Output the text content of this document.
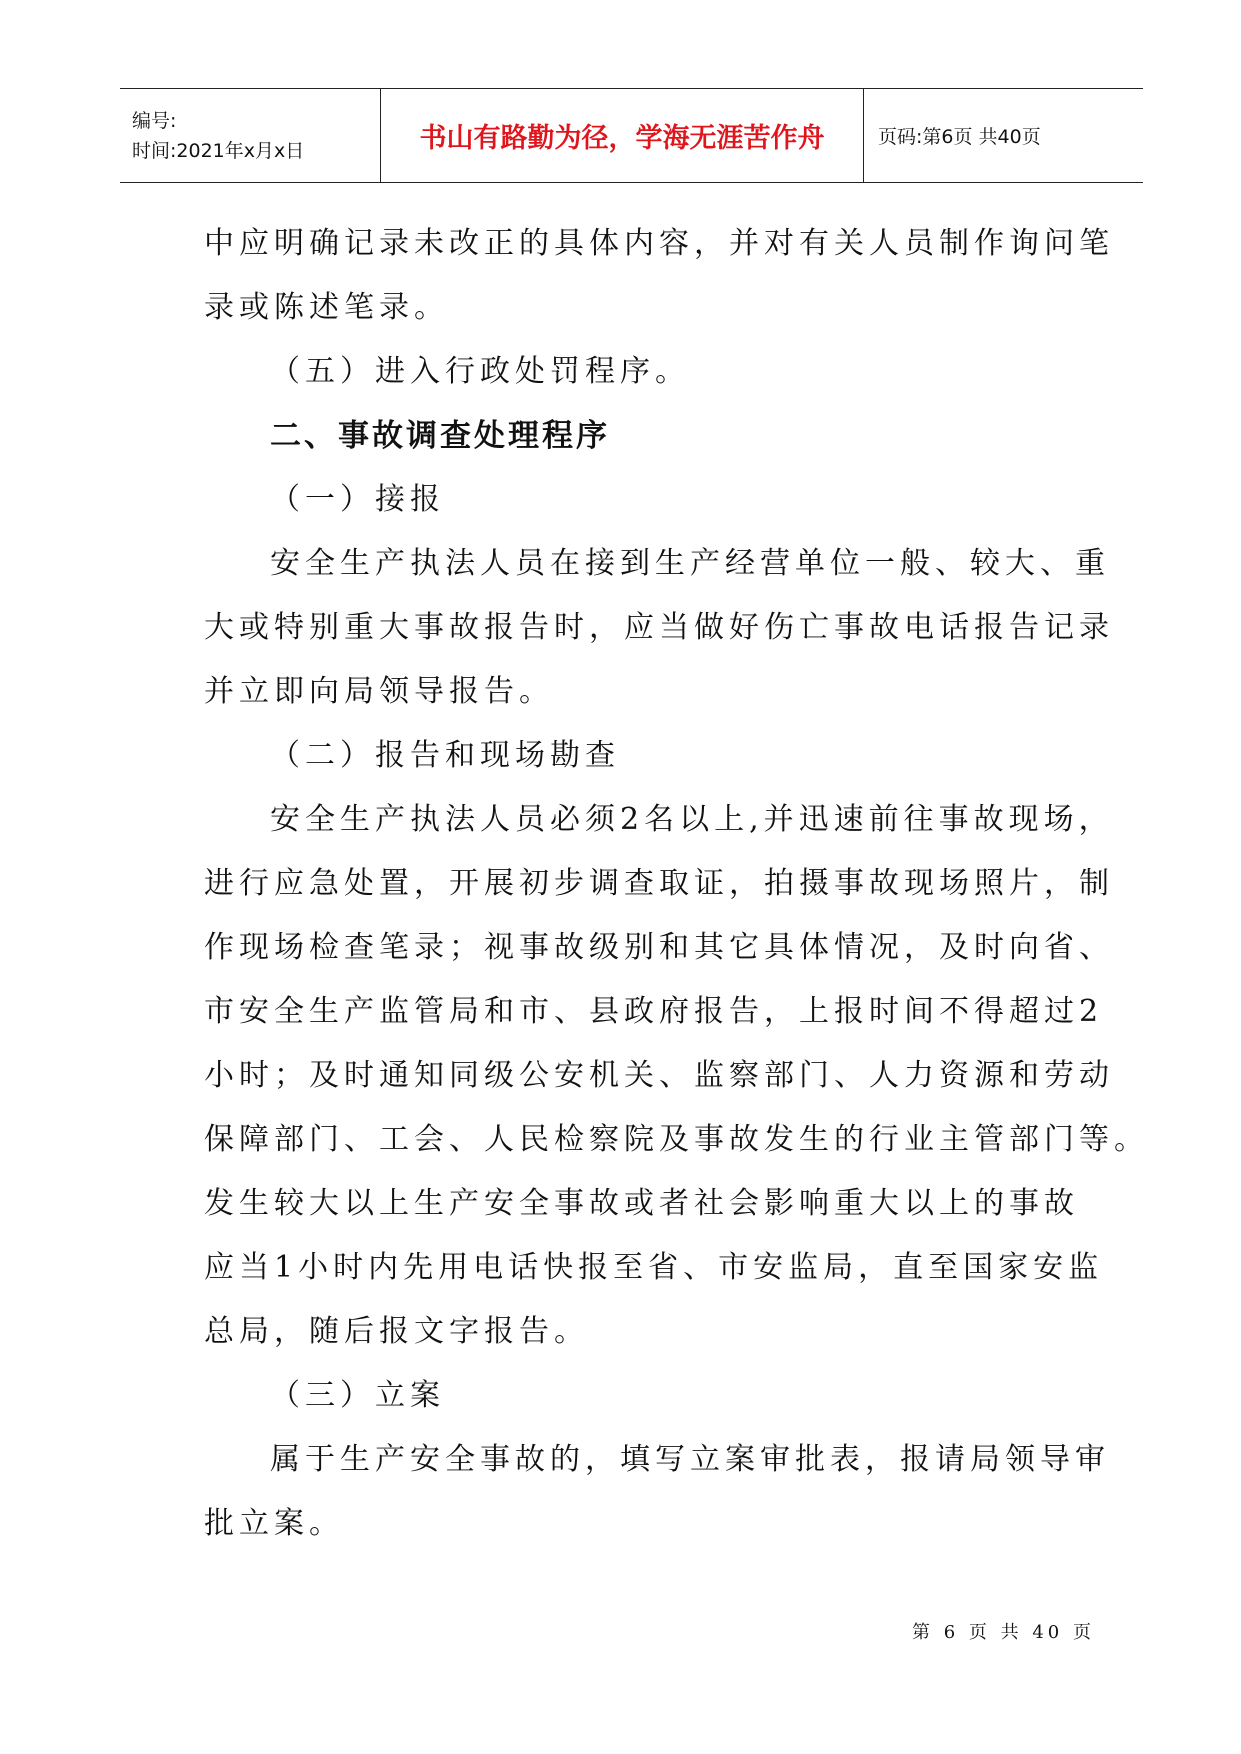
编号:
时间:2021年x月x日	书山有路勤为径，学海无涯苦作舟	页码:第6页 共40页
中应明确记录未改正的具体内容，并对有关人员制作询问笔
录或陈述笔录。
（五）进入行政处罚程序。
二、事故调查处理程序
（一）接报
安全生产执法人员在接到生产经营单位一般、较大、重
大或特别重大事故报告时，应当做好伤亡事故电话报告记录
并立即向局领导报告。
（二）报告和现场勘查
安全生产执法人员必须2名以上,并迅速前往事故现场，
进行应急处置，开展初步调查取证，拍摄事故现场照片，制
作现场检查笔录；视事故级别和其它具体情况，及时向省、
市安全生产监管局和市、县政府报告，上报时间不得超过2
小时；及时通知同级公安机关、监察部门、人力资源和劳动
保障部门、工会、人民检察院及事故发生的行业主管部门等。
发生较大以上生产安全事故或者社会影响重大以上的事故
应当1小时内先用电话快报至省、市安监局，直至国家安监
总局，随后报文字报告。
（三）立案
属于生产安全事故的，填写立案审批表，报请局领导审
批立案。
第 6 页 共 40 页
